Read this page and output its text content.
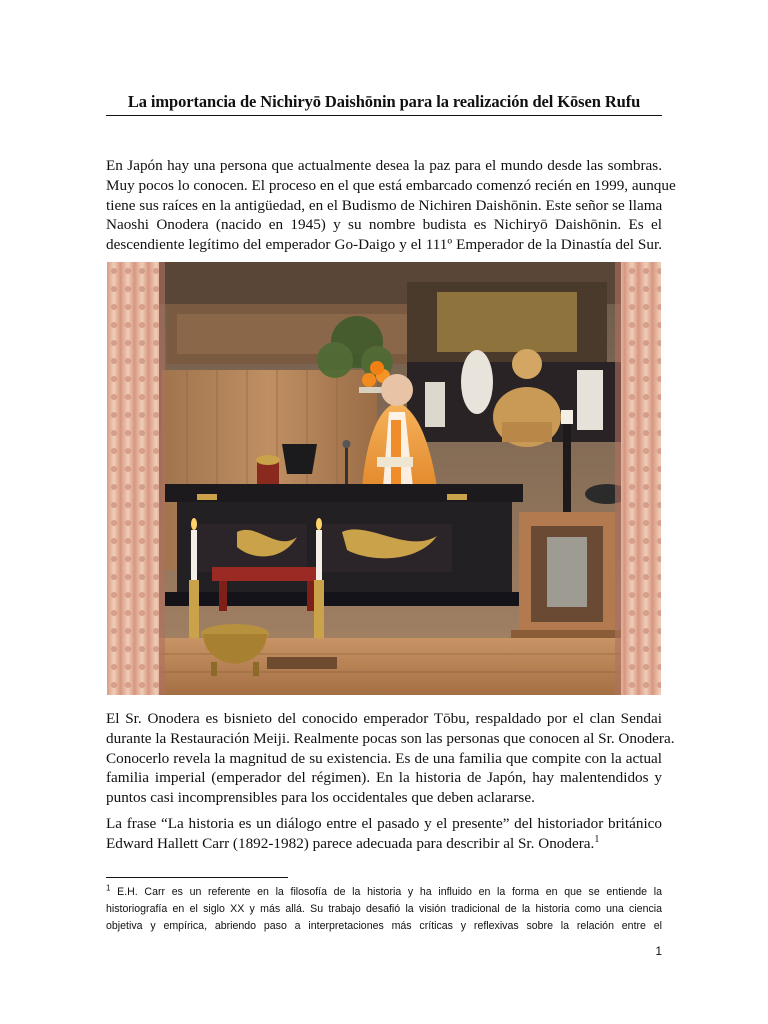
La importancia de Nichiryō Daishōnin para la realización del Kōsen Rufu
En Japón hay una persona que actualmente desea la paz para el mundo desde las sombras.
Muy pocos lo conocen. El proceso en el que está embarcado comenzó recién en 1999, aunque
tiene sus raíces en la antigüedad, en el Budismo de Nichiren Daishōnin. Este señor se llama
Naoshi Onodera (nacido en 1945) y su nombre budista es Nichiryō Daishōnin. Es el
descendiente legítimo del emperador Go-Daigo y el 111º Emperador de la Dinastía del Sur.
El Sr. Onodera es bisnieto del conocido emperador Tōbu, respaldado por el clan Sendai
durante la Restauración Meiji. Realmente pocas son las personas que conocen al Sr. Onodera.
Conocerlo revela la magnitud de su existencia. Es de una familia que compite con la actual
familia imperial (emperador del régimen). En la historia de Japón, hay malentendidos y
puntos casi incomprensibles para los occidentales que deben aclararse.
La frase “La historia es un diálogo entre el pasado y el presente” del historiador británico
Edward Hallett Carr (1892-1982) parece adecuada para describir al Sr. Onodera.$^1$
$^1$ E.H. Carr es un referente en la filosofía de la historia y ha influido en la forma en que se entiende la
historiografía en el siglo XX y más allá. Su trabajo desafió la visión tradicional de la historia como una ciencia
objetiva y empírica, abriendo paso a interpretaciones más críticas y reflexivas sobre la relación entre el
1
